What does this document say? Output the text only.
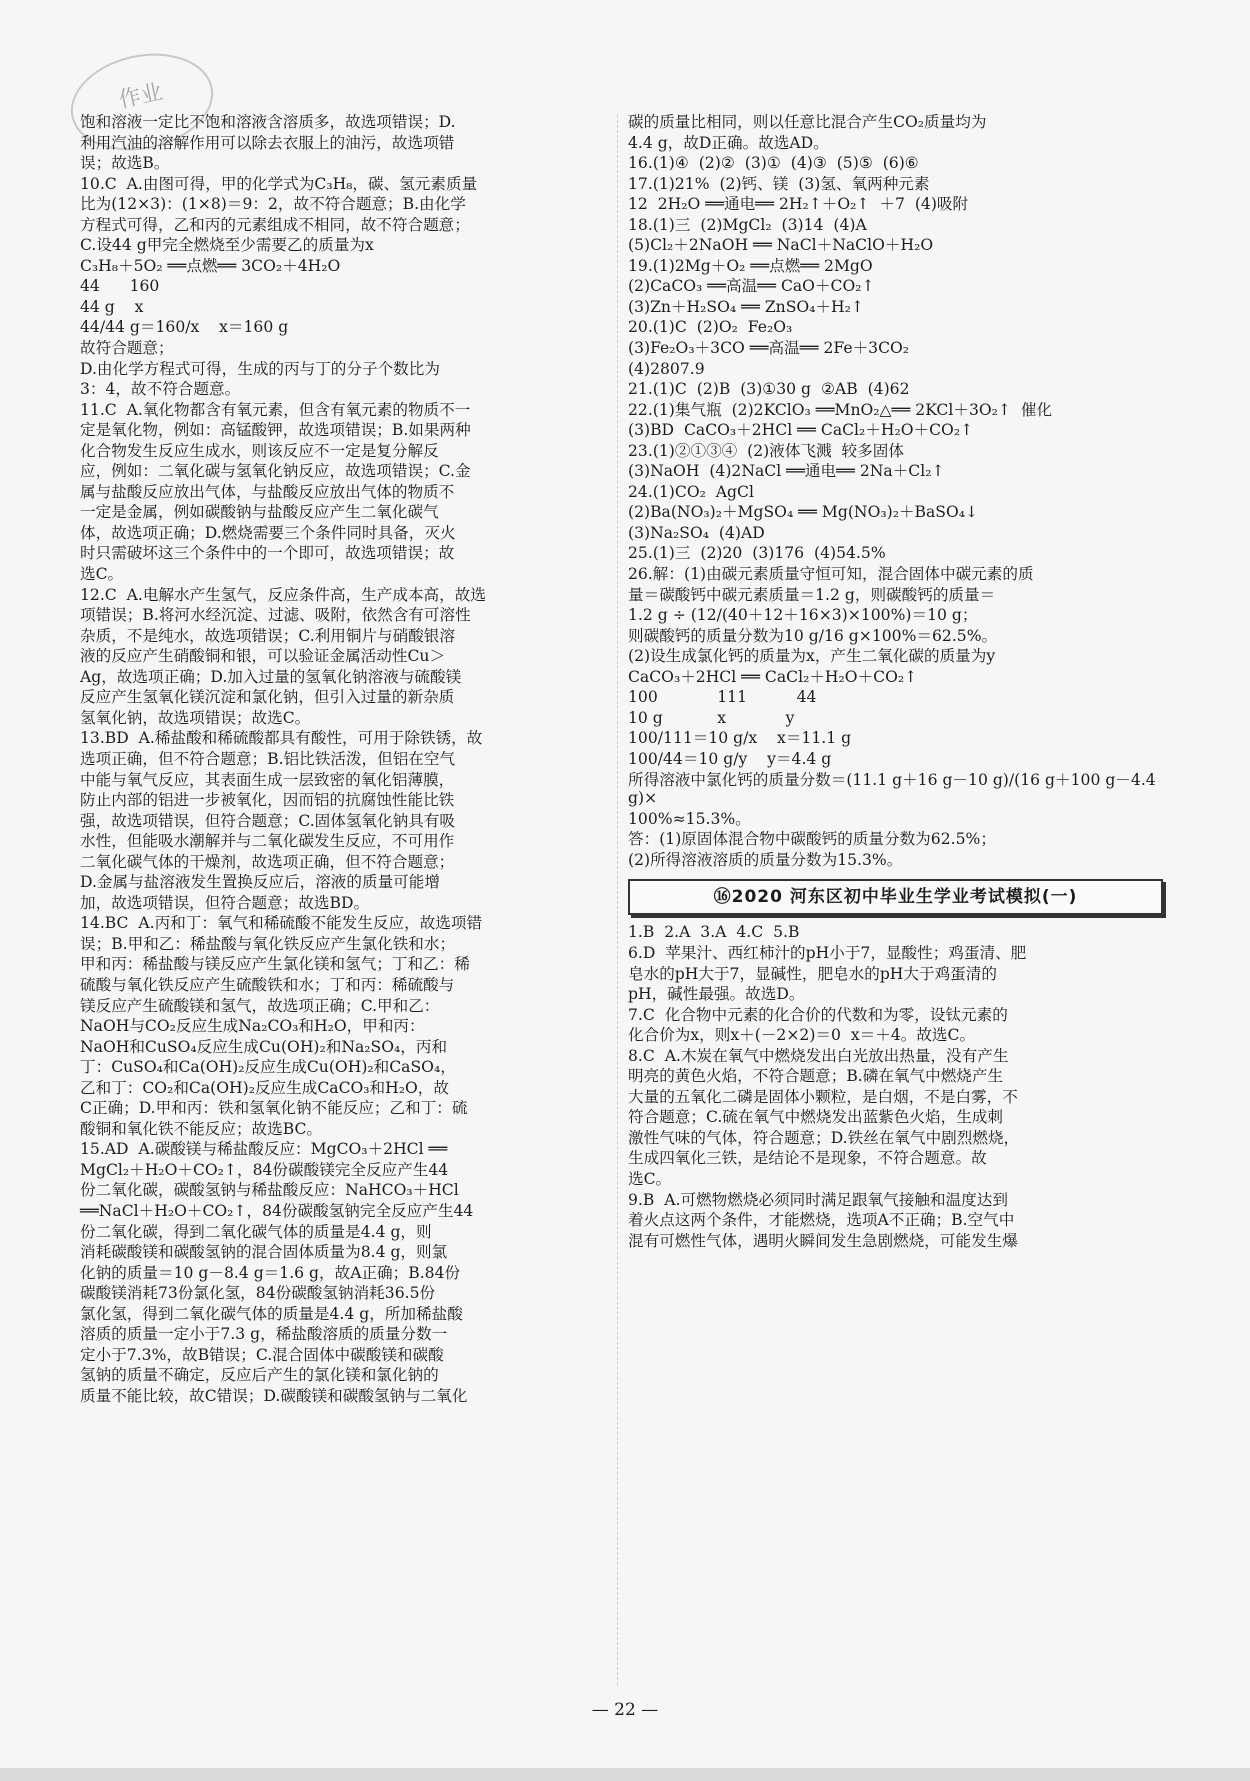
作业

饱和溶液一定比不饱和溶液含溶质多，故选项错误；D.

利用汽油的溶解作用可以除去衣服上的油污，故选项错

误；故选B。

10.C  A.由图可得，甲的化学式为C₃H₈，碳、氢元素质量

比为(12×3)：(1×8)＝9：2，故不符合题意；B.由化学

方程式可得，乙和丙的元素组成不相同，故不符合题意；

C.设44 g甲完全燃烧至少需要乙的质量为x

C₃H₈＋5O₂ ══点燃══ 3CO₂＋4H₂O

44      160

44 g    x

44/44 g＝160/x    x＝160 g

故符合题意；

D.由化学方程式可得，生成的丙与丁的分子个数比为

3：4，故不符合题意。

11.C  A.氧化物都含有氧元素，但含有氧元素的物质不一

定是氧化物，例如：高锰酸钾，故选项错误；B.如果两种

化合物发生反应生成水，则该反应不一定是复分解反

应，例如：二氧化碳与氢氧化钠反应，故选项错误；C.金

属与盐酸反应放出气体，与盐酸反应放出气体的物质不

一定是金属，例如碳酸钠与盐酸反应产生二氧化碳气

体，故选项正确；D.燃烧需要三个条件同时具备，灭火

时只需破坏这三个条件中的一个即可，故选项错误；故

选C。

12.C  A.电解水产生氢气，反应条件高，生产成本高，故选

项错误；B.将河水经沉淀、过滤、吸附，依然含有可溶性

杂质，不是纯水，故选项错误；C.利用铜片与硝酸银溶

液的反应产生硝酸铜和银，可以验证金属活动性Cu＞

Ag，故选项正确；D.加入过量的氢氧化钠溶液与硫酸镁

反应产生氢氧化镁沉淀和氯化钠，但引入过量的新杂质

氢氧化钠，故选项错误；故选C。

13.BD  A.稀盐酸和稀硫酸都具有酸性，可用于除铁锈，故

选项正确，但不符合题意；B.铝比铁活泼，但铝在空气

中能与氧气反应，其表面生成一层致密的氧化铝薄膜，

防止内部的铝进一步被氧化，因而铝的抗腐蚀性能比铁

强，故选项错误，但符合题意；C.固体氢氧化钠具有吸

水性，但能吸水潮解并与二氧化碳发生反应，不可用作

二氧化碳气体的干燥剂，故选项正确，但不符合题意；

D.金属与盐溶液发生置换反应后，溶液的质量可能增

加，故选项错误，但符合题意；故选BD。

14.BC  A.丙和丁：氧气和稀硫酸不能发生反应，故选项错

误；B.甲和乙：稀盐酸与氧化铁反应产生氯化铁和水；

甲和丙：稀盐酸与镁反应产生氯化镁和氢气；丁和乙：稀

硫酸与氧化铁反应产生硫酸铁和水；丁和丙：稀硫酸与

镁反应产生硫酸镁和氢气，故选项正确；C.甲和乙：

NaOH与CO₂反应生成Na₂CO₃和H₂O，甲和丙：

NaOH和CuSO₄反应生成Cu(OH)₂和Na₂SO₄，丙和

丁：CuSO₄和Ca(OH)₂反应生成Cu(OH)₂和CaSO₄，

乙和丁：CO₂和Ca(OH)₂反应生成CaCO₃和H₂O，故

C正确；D.甲和丙：铁和氢氧化钠不能反应；乙和丁：硫

酸铜和氧化铁不能反应；故选BC。

15.AD  A.碳酸镁与稀盐酸反应：MgCO₃＋2HCl ══

MgCl₂＋H₂O＋CO₂↑，84份碳酸镁完全反应产生44

份二氧化碳，碳酸氢钠与稀盐酸反应：NaHCO₃＋HCl

══NaCl＋H₂O＋CO₂↑，84份碳酸氢钠完全反应产生44

份二氧化碳，得到二氧化碳气体的质量是4.4 g，则

消耗碳酸镁和碳酸氢钠的混合固体质量为8.4 g，则氯

化钠的质量＝10 g－8.4 g＝1.6 g，故A正确；B.84份

碳酸镁消耗73份氯化氢，84份碳酸氢钠消耗36.5份

氯化氢，得到二氧化碳气体的质量是4.4 g，所加稀盐酸

溶质的质量一定小于7.3 g，稀盐酸溶质的质量分数一

定小于7.3%，故B错误；C.混合固体中碳酸镁和碳酸

氢钠的质量不确定，反应后产生的氯化镁和氯化钠的

质量不能比较，故C错误；D.碳酸镁和碳酸氢钠与二氧化

碳的质量比相同，则以任意比混合产生CO₂质量均为

4.4 g，故D正确。故选AD。

16.(1)④  (2)②  (3)①  (4)③  (5)⑤  (6)⑥

17.(1)21%  (2)钙、镁  (3)氢、氧两种元素

12  2H₂O ══通电══ 2H₂↑＋O₂↑  ＋7  (4)吸附

18.(1)三  (2)MgCl₂  (3)14  (4)A

(5)Cl₂＋2NaOH ══ NaCl＋NaClO＋H₂O

19.(1)2Mg＋O₂ ══点燃══ 2MgO

(2)CaCO₃ ══高温══ CaO＋CO₂↑

(3)Zn＋H₂SO₄ ══ ZnSO₄＋H₂↑

20.(1)C  (2)O₂  Fe₂O₃

(3)Fe₂O₃＋3CO ══高温══ 2Fe＋3CO₂

(4)2807.9

21.(1)C  (2)B  (3)①30 g  ②AB  (4)62

22.(1)集气瓶  (2)2KClO₃ ══MnO₂△══ 2KCl＋3O₂↑  催化

(3)BD  CaCO₃＋2HCl ══ CaCl₂＋H₂O＋CO₂↑

23.(1)②①③④  (2)液体飞溅  较多固体

(3)NaOH  (4)2NaCl ══通电══ 2Na＋Cl₂↑

24.(1)CO₂  AgCl

(2)Ba(NO₃)₂＋MgSO₄ ══ Mg(NO₃)₂＋BaSO₄↓

(3)Na₂SO₄  (4)AD

25.(1)三  (2)20  (3)176  (4)54.5%

26.解：(1)由碳元素质量守恒可知，混合固体中碳元素的质

量＝碳酸钙中碳元素质量＝1.2 g，则碳酸钙的质量＝

1.2 g ÷ (12/(40＋12＋16×3)×100%)＝10 g；

则碳酸钙的质量分数为10 g/16 g×100%＝62.5%。

(2)设生成氯化钙的质量为x，产生二氧化碳的质量为y

CaCO₃＋2HCl ══ CaCl₂＋H₂O＋CO₂↑

100            111          44

10 g           x            y

100/111＝10 g/x    x＝11.1 g

100/44＝10 g/y    y＝4.4 g

所得溶液中氯化钙的质量分数＝(11.1 g＋16 g－10 g)/(16 g＋100 g－4.4 g)×

100%≈15.3%。

答：(1)原固体混合物中碳酸钙的质量分数为62.5%；

(2)所得溶液溶质的质量分数为15.3%。

⑯2020 河东区初中毕业生学业考试模拟(一)

1.B  2.A  3.A  4.C  5.B

6.D  苹果汁、西红柿汁的pH小于7，显酸性；鸡蛋清、肥

皂水的pH大于7，显碱性，肥皂水的pH大于鸡蛋清的

pH，碱性最强。故选D。

7.C  化合物中元素的化合价的代数和为零，设钛元素的

化合价为x，则x＋(－2×2)＝0  x＝＋4。故选C。

8.C  A.木炭在氧气中燃烧发出白光放出热量，没有产生

明亮的黄色火焰，不符合题意；B.磷在氧气中燃烧产生

大量的五氧化二磷是固体小颗粒，是白烟，不是白雾，不

符合题意；C.硫在氧气中燃烧发出蓝紫色火焰，生成刺

激性气味的气体，符合题意；D.铁丝在氧气中剧烈燃烧，

生成四氧化三铁，是结论不是现象，不符合题意。故

选C。

9.B  A.可燃物燃烧必须同时满足跟氧气接触和温度达到

着火点这两个条件，才能燃烧，选项A不正确；B.空气中

混有可燃性气体，遇明火瞬间发生急剧燃烧，可能发生爆

— 22 —
